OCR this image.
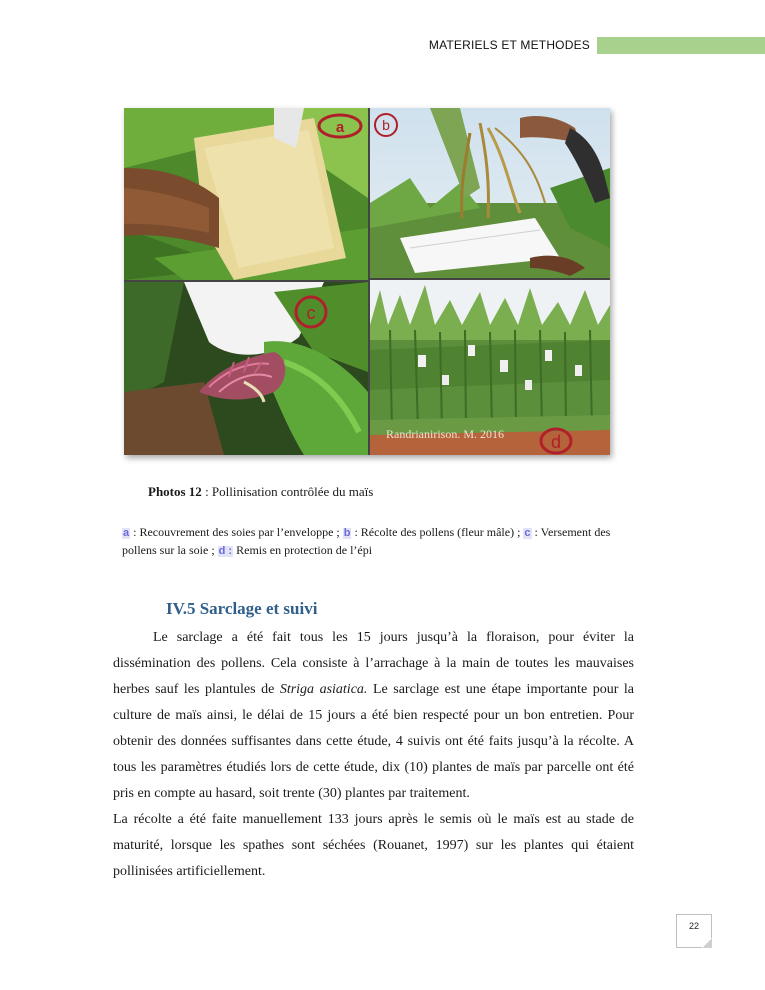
MATERIELS ET METHODES
a	b
c
Randrianirison. M. 2016	d
Photos 12 : Pollinisation contrôlée du maïs
a : Recouvrement des soies par l’enveloppe ; b : Récolte des pollens (fleur mâle) ; c : Versement des pollens sur la soie ; d : Remis en protection de l’épi
IV.5 Sarclage et suivi

Le sarclage a été fait tous les 15 jours jusqu’à la floraison, pour éviter la dissémination des pollens. Cela consiste à l’arrachage à la main de toutes les mauvaises herbes sauf les plantules de Striga asiatica. Le sarclage est une étape importante pour la culture de maïs ainsi, le délai de 15 jours a été bien respecté pour un bon entretien. Pour obtenir des données suffisantes dans cette étude, 4 suivis ont été faits jusqu’à la récolte. A tous les paramètres étudiés lors de cette étude, dix (10) plantes de maïs par parcelle ont été pris en compte au hasard, soit trente (30) plantes par traitement.

La récolte a été faite manuellement 133 jours après le semis où le maïs est au stade de maturité, lorsque les spathes sont séchées (Rouanet, 1997) sur les plantes qui étaient pollinisées artificiellement.

22
